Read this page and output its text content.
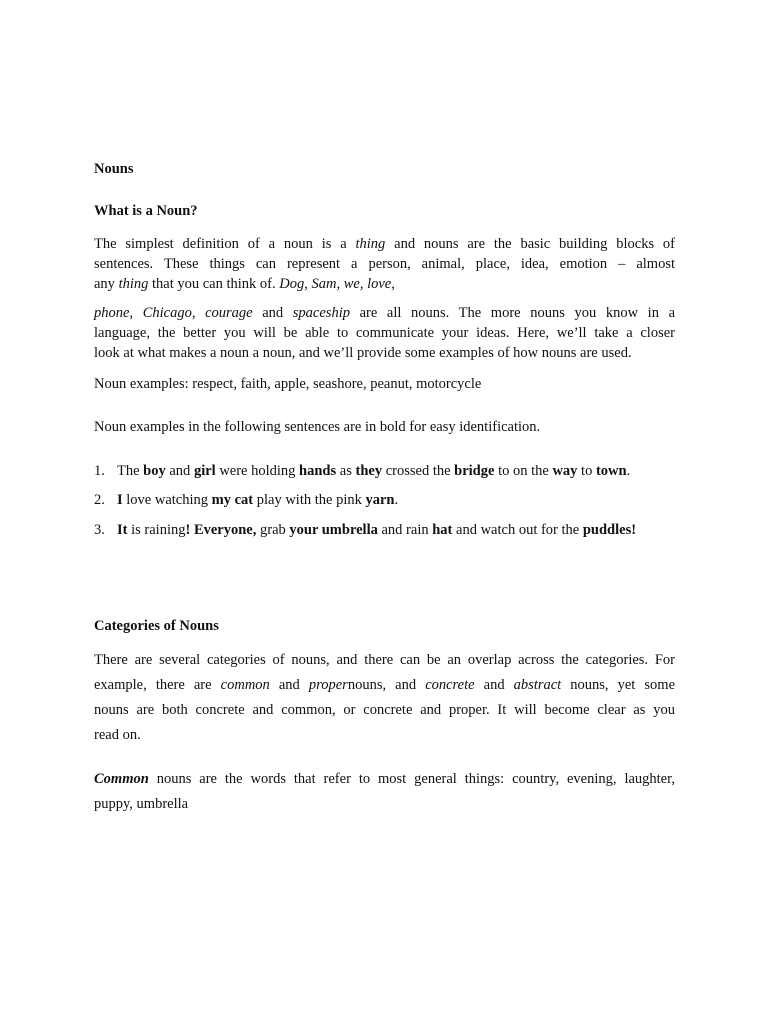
Nouns

What is a Noun?

The simplest definition of a noun is a thing and nouns are the basic building blocks of
sentences. These things can represent a person, animal, place, idea, emotion – almost
any thing that you can think of. Dog, Sam, we, love,
phone, Chicago, courage and spaceship are all nouns. The more nouns you know in a
language, the better you will be able to communicate your ideas. Here, we’ll take a closer
look at what makes a noun a noun, and we’ll provide some examples of how nouns are used.

Noun examples: respect, faith, apple, seashore, peanut, motorcycle

Noun examples in the following sentences are in bold for easy identification.

1. The boy and girl were holding hands as they crossed the bridge to on the way to town.
2. I love watching my cat play with the pink yarn.
3. It is raining! Everyone, grab your umbrella and rain hat and watch out for the puddles!

Categories of Nouns

There are several categories of nouns, and there can be an overlap across the categories. For
example, there are common and propernouns, and concrete and abstract nouns, yet some
nouns are both concrete and common, or concrete and proper. It will become clear as you
read on.
Common nouns are the words that refer to most general things: country, evening, laughter,
puppy, umbrella
